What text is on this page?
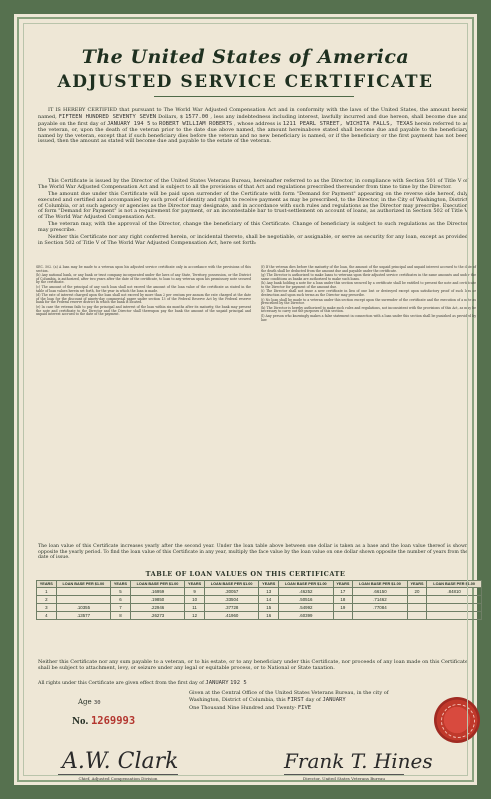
The United States of America
ADJUSTED SERVICE CERTIFICATE

IT IS HEREBY CERTIFIED that pursuant to The World War Adjusted Compensation Act and in conformity with the laws of the United States, the amount herein named, FIFTEEN HUNDRED SEVENTY SEVEN Dollars, $ 1577.00 , less any indebtedness including interest, lawfully incurred and due hereon, shall become due and payable on the first day of JANUARY 194 5 to ROBERT WILLIAM ROBERTS , whose address is 1211 PEARL STREET, WICHITA FALLS, TEXAS herein referred to as the veteran, or, upon the death of the veteran prior to the date due above named, the amount hereinabove stated shall become due and payable to the beneficiary named by the veteran, except that if such beneficiary dies before the veteran and no new beneficiary is named, or if the beneficiary or the first payment has not been issued, then the amount as stated will become due and payable to the estate of the veteran.

This Certificate is issued by the Director of the United States Veterans Bureau, hereinafter referred to as the Director, in compliance with Section 501 of Title V of The World War Adjusted Compensation Act and is subject to all the provisions of that Act and regulations prescribed thereunder from time to time by the Director.

The amount due under this Certificate will be paid upon surrender of the Certificate with form "Demand for Payment" appearing on the reverse side hereof, duly executed and certified and accompanied by such proof of identity and right to receive payment as may be prescribed, to the Director, in the City of Washington, District of Columbia, or at such agency or agencies as the Director may designate, and in accordance with such rules and regulations as the Director may prescribe. Execution of form "Demand for Payment" is not a requirement for payment, or an incontestable bar to trust-settlement on account of loans, as authorized in Section 502 of Title V of The World War Adjusted Compensation Act.

The veteran may, with the approval of the Director, change the beneficiary of this Certificate. Change of beneficiary is subject to such regulations as the Director may prescribe.

Neither this Certificate nor any right conferred herein, or incidental thereto, shall be negotiable, or assignable, or serve as security for any loan, except as provided in Section 502 of Title V of The World War Adjusted Compensation Act, here set forth:

SEC. 502. (a) A loan may be made to a veteran upon his adjusted service certificate only in accordance with the provisions of this section.

(b) Any national bank, or any bank or trust company incorporated under the laws of any State, Territory, possession, or the District of Columbia, is authorized, after two years after the date of the certificate, to loan to any veteran upon his promissory note secured by the certificate.

(c) The amount of the principal of any such loan shall not exceed the amount of the loan value of the certificate as stated in the table of loan values herein set forth, for the year in which the loan is made.

(d) The rate of interest charged upon the loan shall not exceed by more than 2 per centum per annum the rate charged at the date of the loan for the discount of ninety-day commercial paper under section 13 of the Federal Reserve Act by the Federal reserve bank for the Federal reserve district in which the bank is located.

(e) In case the veteran fails to pay the principal and interest of the loan within six months after its maturity, the bank may present the note and certificate to the Director and the Director shall thereupon pay the bank the amount of the unpaid principal and unpaid interest accrued to the date of the payment.

(f) If the veteran dies before the maturity of the loan, the amount of the unpaid principal and unpaid interest accrued to the date of the death shall be deducted from the amount due and payable under the certificate.

(g) The Director is authorized to make loans to veterans upon their adjusted service certificates in the same amounts and under the same conditions as banks are authorized to make such loans.

(h) Any bank holding a note for a loan under this section secured by a certificate shall be entitled to present the note and certificate to the Director for payment of the amount due.

(i) The Director shall not issue a new certificate in lieu of one lost or destroyed except upon satisfactory proof of such loss or destruction and upon such terms as the Director may prescribe.

(j) No loan shall be made to a veteran under this section except upon the surrender of the certificate and the execution of a note as prescribed by the Director.

(k) The Director is hereby authorized to make such rules and regulations, not inconsistent with the provisions of this Act, as may be necessary to carry out the purposes of this section.

(l) Any person who knowingly makes a false statement in connection with a loan under this section shall be punished as provided by law.

The loan value of this Certificate increases yearly after the second year. Under the loan table above between one dollar is taken as a base and the loan value thereof is shown opposite the yearly period. To find the loan value of this Certificate in any year, multiply the face value by the loan value on one dollar shown opposite the number of years from the date of issue.
TABLE OF LOAN VALUES ON THIS CERTIFICATE
YEARS	LOAN BASE PER $1.00	YEARS	LOAN BASE PER $1.00	YEARS	LOAN BASE PER $1.00	YEARS	LOAN BASE PER $1.00	YEARS	LOAN BASE PER $1.00	YEARS	LOAN BASE PER $1.00
1		5	.16959	9	.30057	13	.46252	17	.66150	20	.84810
2		6	.19850	10	.33504	14	.50516	18	.71462		
3	.10355	7	.22946	11	.37728	15	.54992	19	.77084		
4	.13577	8	.26273	12	.41960	16	.60399				
Neither this Certificate nor any sum payable to a veteran, or to his estate, or to any beneficiary under this Certificate, nor proceeds of any loan made on this Certificate shall be subject to attachment, levy, or seizure under any legal or equitable process, or to National or State taxation.
All rights under this Certificate are given effect from the first day of JANUARY 192 5
Age 30
No. 1269993
Given at the Central Office of the United States Veterans Bureau, in the city of
Washington, District of Columbia, this FIRST day of JANUARY
One Thousand Nine Hundred and Twenty- FIVE
A.W. Clark
Chief, Adjusted Compensation Division
Frank T. Hines
Director, United States Veterans Bureau
